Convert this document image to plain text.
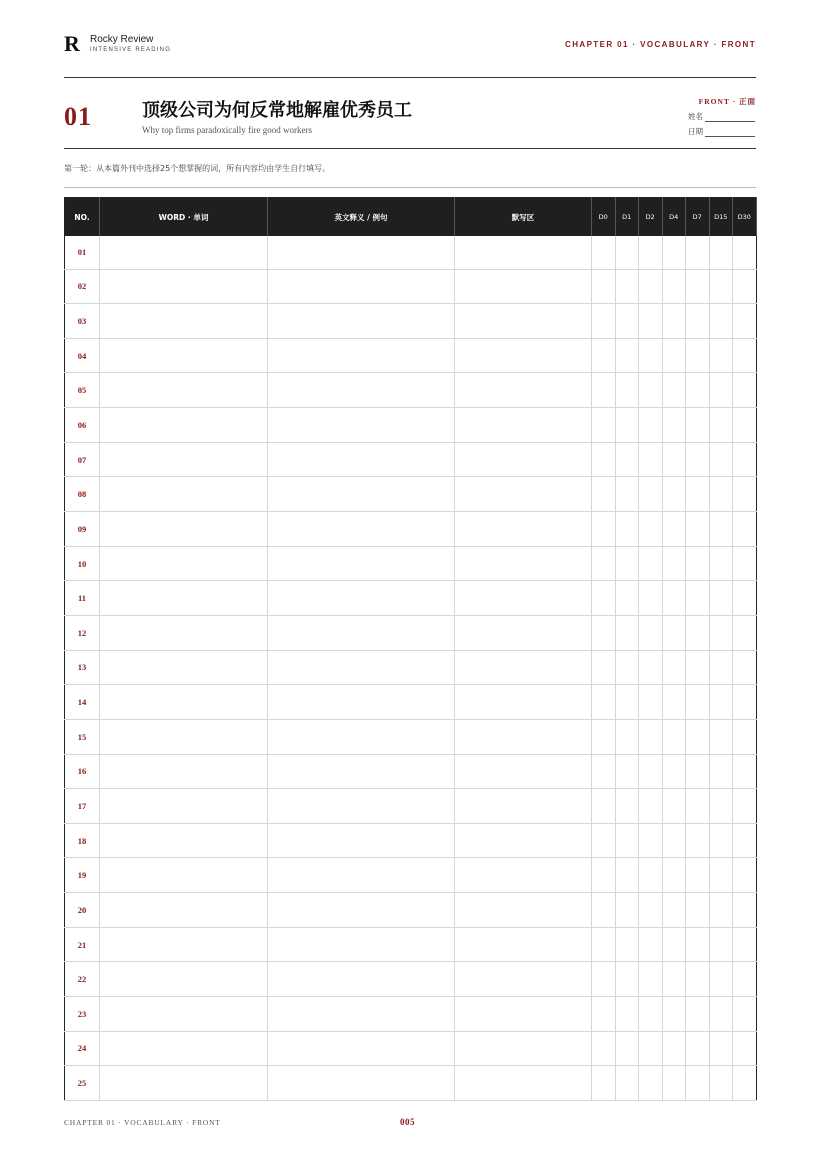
R Rocky Review
INTENSIVE READING
CHAPTER 01 · VOCABULARY · FRONT
01	顶级公司为何反常地解雇优秀员工
Why top firms paradoxically fire good workers
FRONT · 正面
姓名
日期
第一轮：从本篇外刊中选择25个想掌握的词，所有内容均由学生自行填写。
NO.	WORD · 单词	英文释义 / 例句	默写区	D0	D1	D2	D4	D7	D15	D30
01										
02										
03										
04										
05										
06										
07										
08										
09										
10										
11										
12										
13										
14										
15										
16										
17										
18										
19										
20										
21										
22										
23										
24										
25										
CHAPTER 01 · VOCABULARY · FRONT	005
